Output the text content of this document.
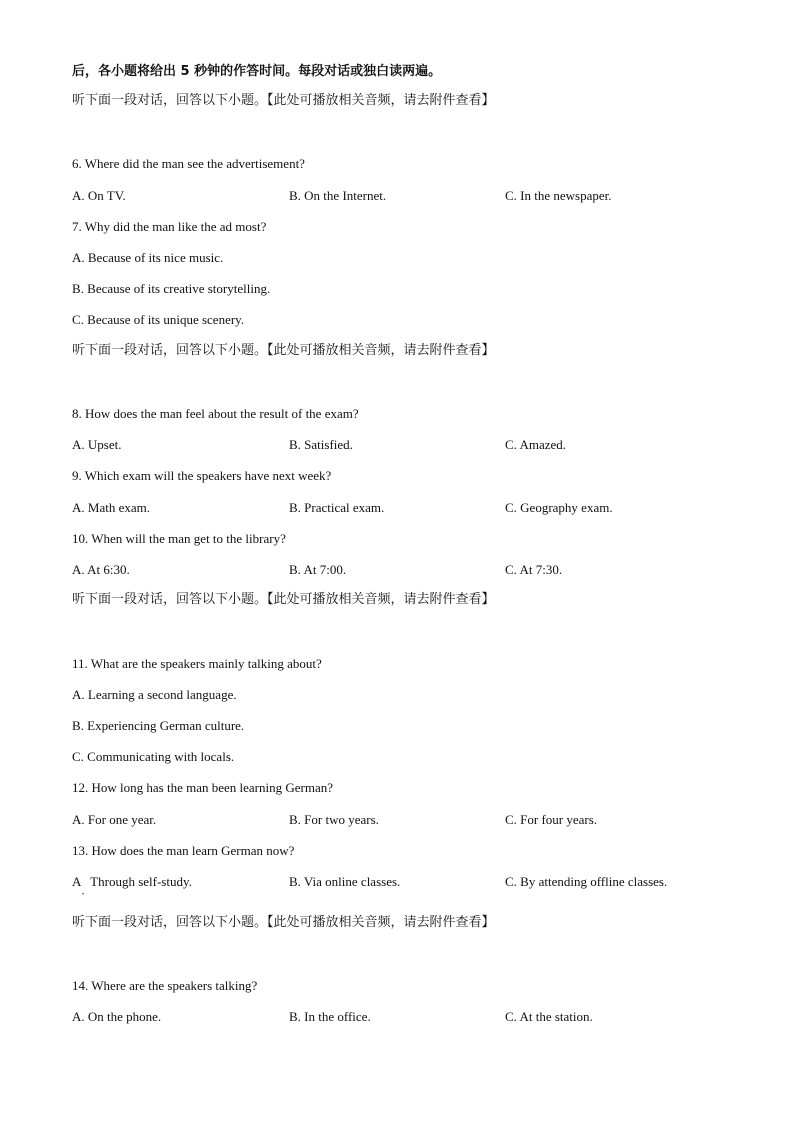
后，各小题将给出 5 秒钟的作答时间。每段对话或独白读两遍。
听下面一段对话，回答以下小题。【此处可播放相关音频，请去附件查看】
6. Where did the man see the advertisement?
A. On TV.	B. On the Internet.	C. In the newspaper.
7. Why did the man like the ad most?
A. Because of its nice music.
B. Because of its creative storytelling.
C. Because of its unique scenery.
听下面一段对话，回答以下小题。【此处可播放相关音频，请去附件查看】
8. How does the man feel about the result of the exam?
A. Upset.	B. Satisfied.	C. Amazed.
9. Which exam will the speakers have next week?
A. Math exam.	B. Practical exam.	C. Geography exam.
10. When will the man get to the library?
A. At 6:30.	B. At 7:00.	C. At 7:30.
听下面一段对话，回答以下小题。【此处可播放相关音频，请去附件查看】
11. What are the speakers mainly talking about?
A. Learning a second language.
B. Experiencing German culture.
C. Communicating with locals.
12. How long has the man been learning German?
A. For one year.	B. For two years.	C. For four years.
13. How does the man learn German now?
A   Through self-study.	B. Via online classes.	C. By attending offline classes.
•
听下面一段对话，回答以下小题。【此处可播放相关音频，请去附件查看】
14. Where are the speakers talking?
A. On the phone.	B. In the office.	C. At the station.
